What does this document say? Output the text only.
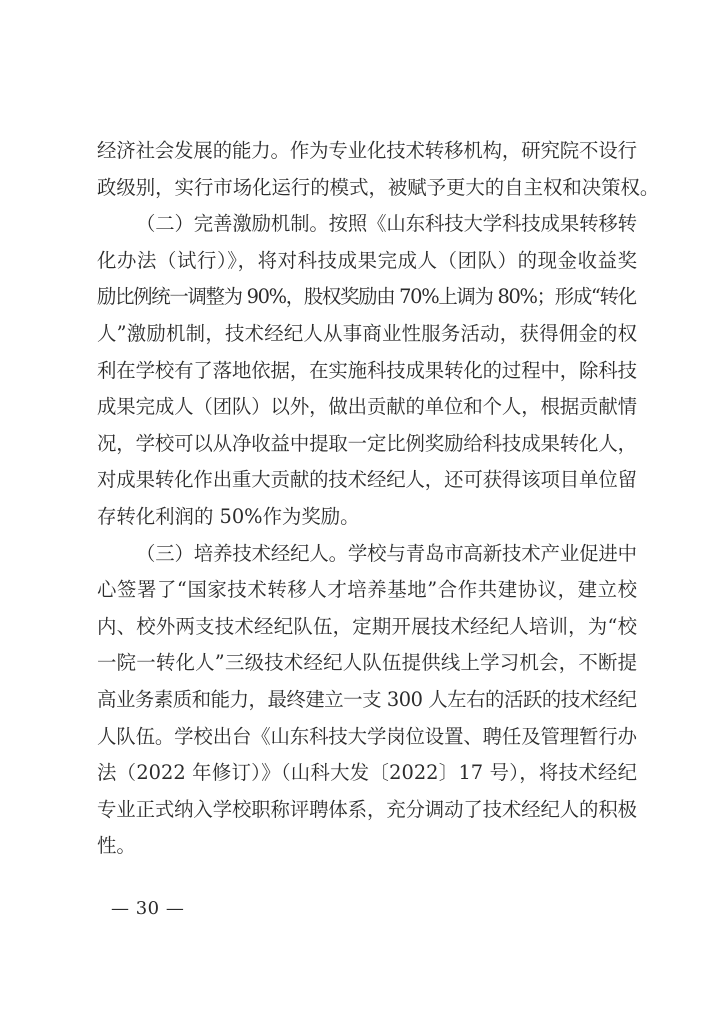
经济社会发展的能力。作为专业化技术转移机构，研究院不设行
政级别，实行市场化运行的模式，被赋予更大的自主权和决策权。
（二）完善激励机制。按照《山东科技大学科技成果转移转
化办法（试行）》，将对科技成果完成人（团队）的现金收益奖
励比例统一调整为 90%，股权奖励由 70%上调为 80%；形成“转化
人”激励机制，技术经纪人从事商业性服务活动，获得佣金的权
利在学校有了落地依据，在实施科技成果转化的过程中，除科技
成果完成人（团队）以外，做出贡献的单位和个人，根据贡献情
况，学校可以从净收益中提取一定比例奖励给科技成果转化人，
对成果转化作出重大贡献的技术经纪人，还可获得该项目单位留
存转化利润的 50%作为奖励。
（三）培养技术经纪人。学校与青岛市高新技术产业促进中
心签署了“国家技术转移人才培养基地”合作共建协议，建立校
内、校外两支技术经纪队伍，定期开展技术经纪人培训，为“校
一院一转化人”三级技术经纪人队伍提供线上学习机会，不断提
高业务素质和能力，最终建立一支 300 人左右的活跃的技术经纪
人队伍。学校出台《山东科技大学岗位设置、聘任及管理暂行办
法（2022 年修订）》（山科大发〔2022〕17 号），将技术经纪
专业正式纳入学校职称评聘体系，充分调动了技术经纪人的积极
性。
— 30 —
